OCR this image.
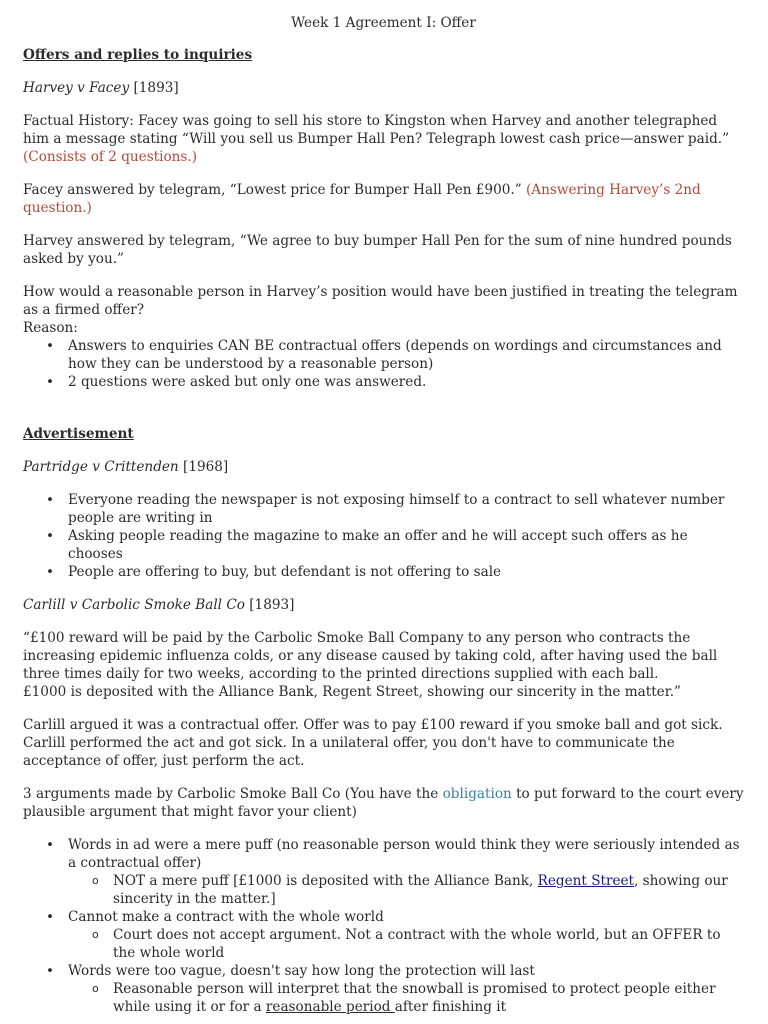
Week 1 Agreement I: Offer

Offers and replies to inquiries

Harvey v Facey [1893]

Factual History: Facey was going to sell his store to Kingston when Harvey and another telegraphed him a message stating “Will you sell us Bumper Hall Pen? Telegraph lowest cash price—answer paid.” (Consists of 2 questions.)

Facey answered by telegram, “Lowest price for Bumper Hall Pen £900.” (Answering Harvey’s 2nd question.)

Harvey answered by telegram, “We agree to buy bumper Hall Pen for the sum of nine hundred pounds asked by you.”

How would a reasonable person in Harvey’s position would have been justified in treating the telegram as a firmed offer?

Reason:

• Answers to enquiries CAN BE contractual offers (depends on wordings and circumstances and how they can be understood by a reasonable person)
• 2 questions were asked but only one was answered.

Advertisement

Partridge v Crittenden [1968]

• Everyone reading the newspaper is not exposing himself to a contract to sell whatever number people are writing in
• Asking people reading the magazine to make an offer and he will accept such offers as he chooses
• People are offering to buy, but defendant is not offering to sale

Carlill v Carbolic Smoke Ball Co [1893]

“£100 reward will be paid by the Carbolic Smoke Ball Company to any person who contracts the increasing epidemic influenza colds, or any disease caused by taking cold, after having used the ball three times daily for two weeks, according to the printed directions supplied with each ball.

£1000 is deposited with the Alliance Bank, Regent Street, showing our sincerity in the matter.”

Carlill argued it was a contractual offer. Offer was to pay £100 reward if you smoke ball and got sick. Carlill performed the act and got sick. In a unilateral offer, you don't have to communicate the acceptance of offer, just perform the act.

3 arguments made by Carbolic Smoke Ball Co (You have the obligation to put forward to the court every plausible argument that might favor your client)

• Words in ad were a mere puff (no reasonable person would think they were seriously intended as a contractual offer)
o NOT a mere puff [£1000 is deposited with the Alliance Bank, Regent Street, showing our sincerity in the matter.]
• Cannot make a contract with the whole world
o Court does not accept argument. Not a contract with the whole world, but an OFFER to the whole world
• Words were too vague, doesn't say how long the protection will last
o Reasonable person will interpret that the snowball is promised to protect people either while using it or for a reasonable period after finishing it
